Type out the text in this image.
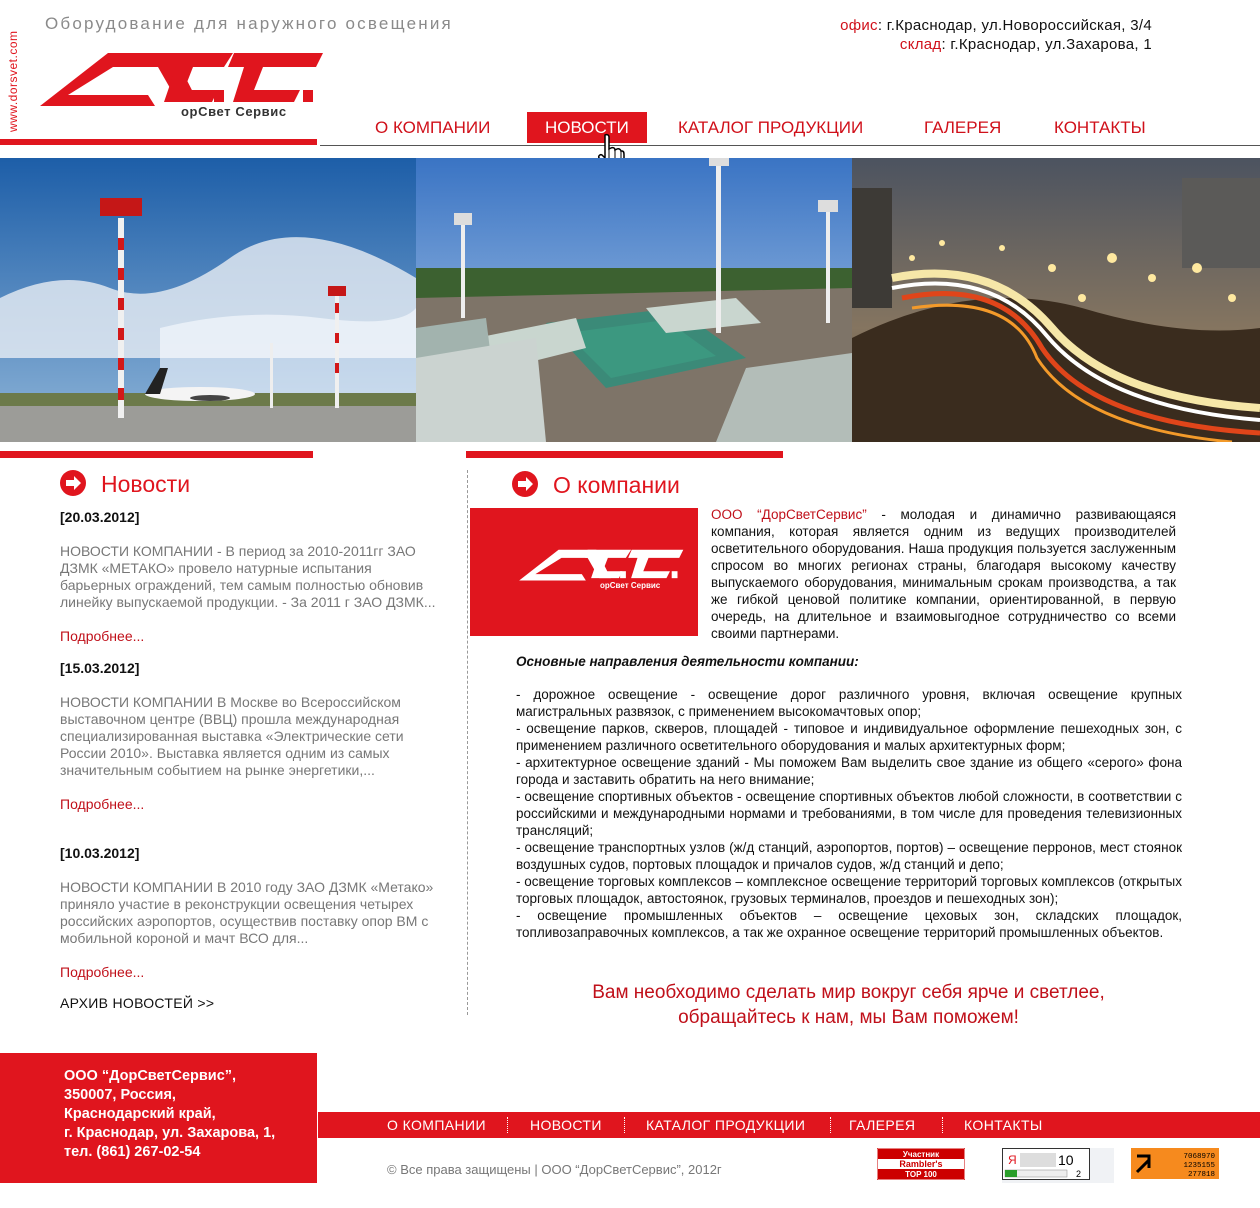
www.dorsvet.com
Оборудование для наружного освещения
орСвет Сервис
офис: г.Краснодар, ул.Новороссийская, 3/4
склад: г.Краснодар, ул.Захарова, 1
О КОМПАНИИ	НОВОСТИ	КАТАЛОГ ПРОДУКЦИИ	ГАЛЕРЕЯ	КОНТАКТЫ
Новости
[20.03.2012]
НОВОСТИ КОМПАНИИ - В период за 2010-2011гг ЗАО ДЗМК «МЕТАКО» провело натурные испытания барьерных ограждений, тем самым полностью обновив линейку выпускаемой продукции. - За 2011 г ЗАО ДЗМК...
Подробнее...
[15.03.2012]
НОВОСТИ КОМПАНИИ В Москве во Всероссийском выставочном центре (ВВЦ) прошла международная специализированная выставка «Электрические сети России 2010». Выставка является одним из самых значительным событием на рынке энергетики,...
Подробнее...
[10.03.2012]
НОВОСТИ КОМПАНИИ В 2010 году ЗАО ДЗМК «Метако» приняло участие в реконструкции освещения четырех российских аэропортов, осуществив поставку опор ВМ с мобильной короной и мачт ВСО для...
Подробнее...
АРХИВ НОВОСТЕЙ >>
О компании
орСвет Сервис
ООО “ДорСветСервис” - молодая и динамично развивающаяся компания, которая является одним из ведущих производителей осветительного оборудования. Наша продукция пользуется заслуженным спросом во многих регионах страны, благодаря высокому качеству выпускаемого оборудования, минимальным срокам производства, а так же гибкой ценовой политике компании, ориентированной, в первую очередь, на длительное и взаимовыгодное сотрудничество со всеми своими партнерами.
Основные направления деятельности компании:
- дорожное освещение - освещение дорог различного уровня, включая освещение крупных магистральных развязок, с применением высокомачтовых опор;
- освещение парков, скверов, площадей - типовое и индивидуальное оформление пешеходных зон, с применением различного осветительного оборудования и малых архитектурных форм;
- архитектурное освещение зданий - Мы поможем Вам выделить свое здание из общего «серого» фона города и заставить обратить на него внимание;
- освещение спортивных объектов - освещение спортивных объектов любой сложности, в соответствии с российскими и международными нормами и требованиями, в том числе для проведения телевизионных трансляций;
- освещение транспортных узлов (ж/д станций, аэропортов, портов) – освещение перронов, мест стоянок воздушных судов, портовых площадок и причалов судов, ж/д станций и депо;
- освещение торговых комплексов – комплексное освещение территорий торговых комплексов (открытых торговых площадок, автостоянок, грузовых терминалов, проездов и пешеходных зон);
- освещение промышленных объектов – освещение цеховых зон, складских площадок, топливозаправочных комплексов, а так же охранное освещение территорий промышленных объектов.
Вам необходимо сделать мир вокруг себя ярче и светлее,
обращайтесь к нам, мы Вам поможем!
ООО “ДорСветСервис”,
350007, Россия,
Краснодарский край,
г. Краснодар, ул. Захарова, 1,
тел. (861) 267-02-54
О КОМПАНИИ	НОВОСТИ	КАТАЛОГ ПРОДУКЦИИ	ГАЛЕРЕЯ	КОНТАКТЫ
© Все права защищены | ООО “ДорСветСервис”, 2012г
Участник
Rambler's
TOP 100
Я	10
2
7068970
1235155
277818
